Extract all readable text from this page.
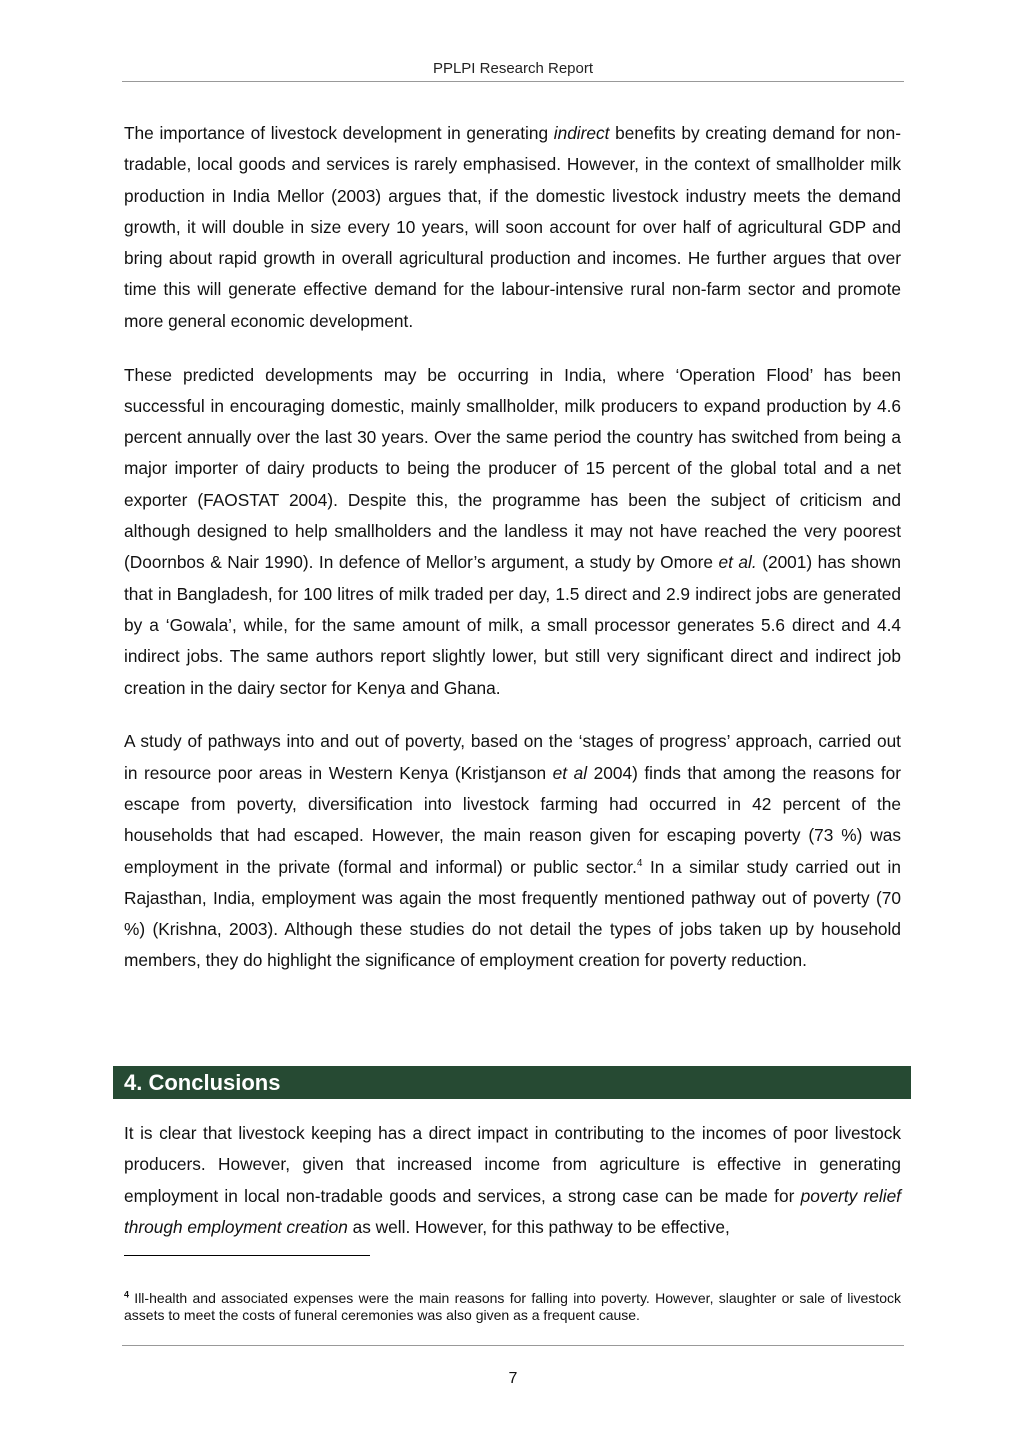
PPLPI Research Report

The importance of livestock development in generating indirect benefits by creating demand for non-tradable, local goods and services is rarely emphasised. However, in the context of smallholder milk production in India Mellor (2003) argues that, if the domestic livestock industry meets the demand growth, it will double in size every 10 years, will soon account for over half of agricultural GDP and bring about rapid growth in overall agricultural production and incomes. He further argues that over time this will generate effective demand for the labour-intensive rural non-farm sector and promote more general economic development.

These predicted developments may be occurring in India, where ‘Operation Flood’ has been successful in encouraging domestic, mainly smallholder, milk producers to expand production by 4.6 percent annually over the last 30 years. Over the same period the country has switched from being a major importer of dairy products to being the producer of 15 percent of the global total and a net exporter (FAOSTAT 2004). Despite this, the programme has been the subject of criticism and although designed to help smallholders and the landless it may not have reached the very poorest (Doornbos & Nair 1990). In defence of Mellor’s argument, a study by Omore et al. (2001) has shown that in Bangladesh, for 100 litres of milk traded per day, 1.5 direct and 2.9 indirect jobs are generated by a ‘Gowala’, while, for the same amount of milk, a small processor generates 5.6 direct and 4.4 indirect jobs. The same authors report slightly lower, but still very significant direct and indirect job creation in the dairy sector for Kenya and Ghana.

A study of pathways into and out of poverty, based on the ‘stages of progress’ approach, carried out in resource poor areas in Western Kenya (Kristjanson et al 2004) finds that among the reasons for escape from poverty, diversification into livestock farming had occurred in 42 percent of the households that had escaped. However, the main reason given for escaping poverty (73 %) was employment in the private (formal and informal) or public sector.$^4$ In a similar study carried out in Rajasthan, India, employment was again the most frequently mentioned pathway out of poverty (70 %) (Krishna, 2003). Although these studies do not detail the types of jobs taken up by household members, they do highlight the significance of employment creation for poverty reduction.

4. Conclusions

It is clear that livestock keeping has a direct impact in contributing to the incomes of poor livestock producers. However, given that increased income from agriculture is effective in generating employment in local non-tradable goods and services, a strong case can be made for poverty relief through employment creation as well. However, for this pathway to be effective,

$^4$ Ill-health and associated expenses were the main reasons for falling into poverty. However, slaughter or sale of livestock assets to meet the costs of funeral ceremonies was also given as a frequent cause.
7
